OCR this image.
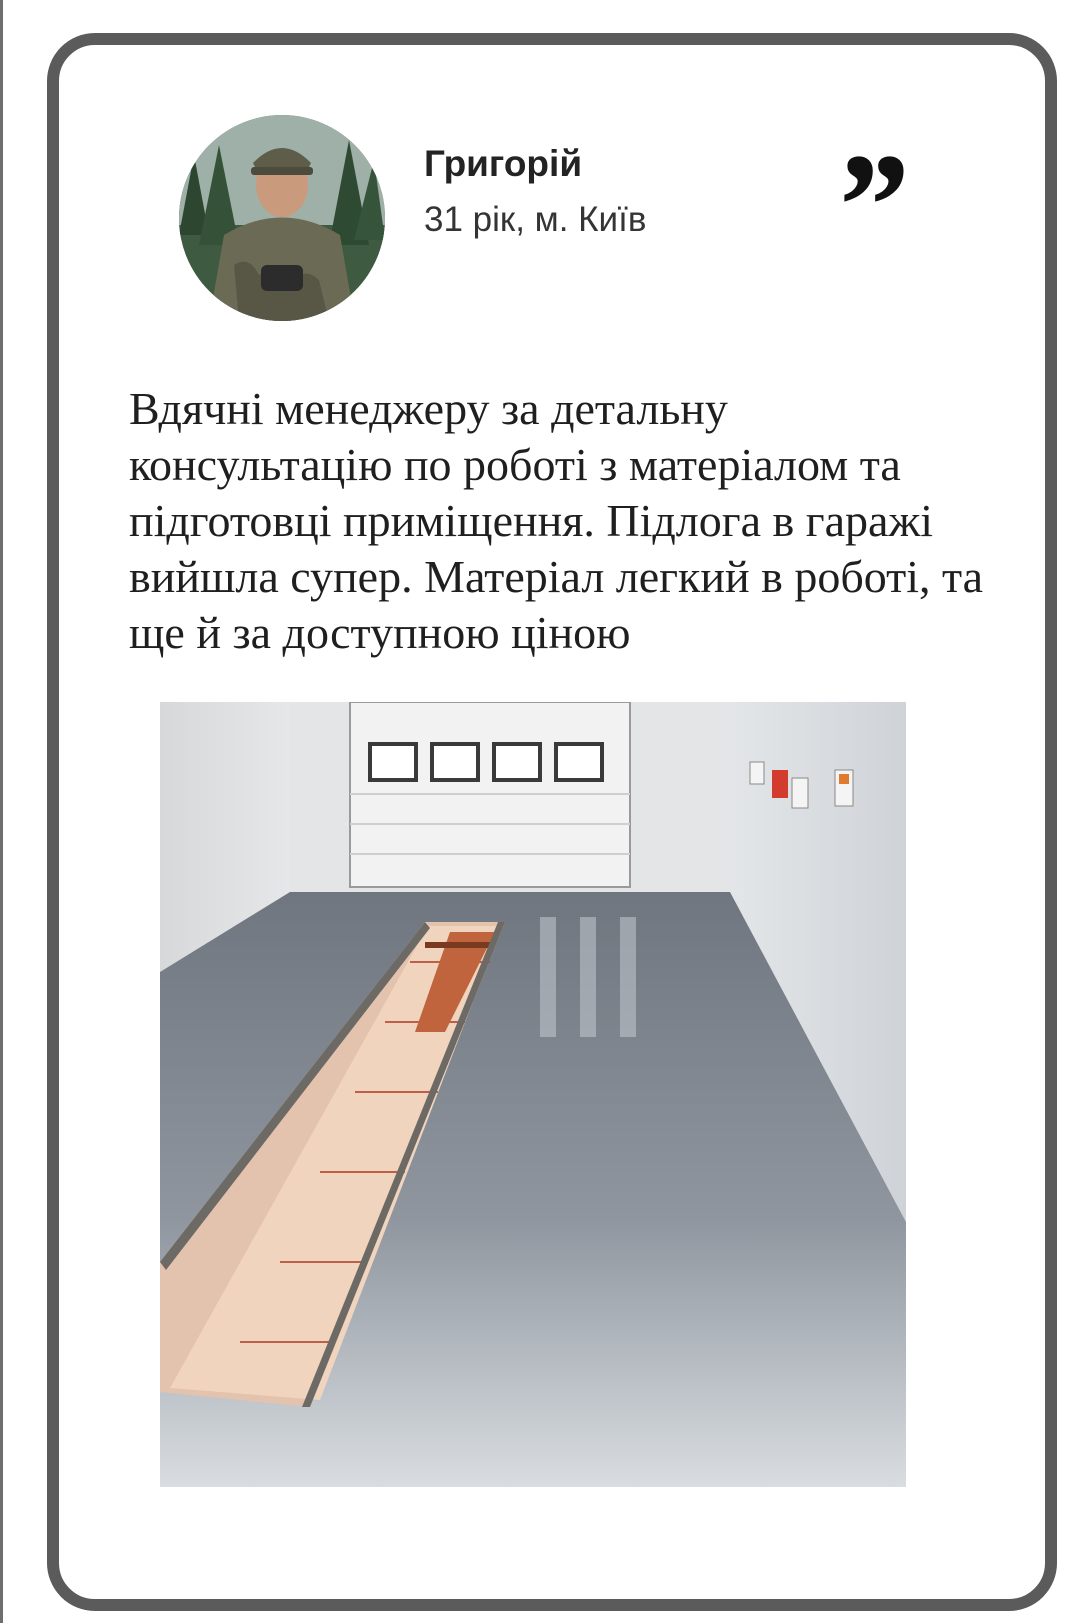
Григорій
31 рік, м. Київ ”

Вдячні менеджеру за детальну консультацію по роботі з матеріалом та підготовці приміщення. Підлога в гаражі вийшла супер. Матеріал легкий в роботі, та ще й за доступною ціною
